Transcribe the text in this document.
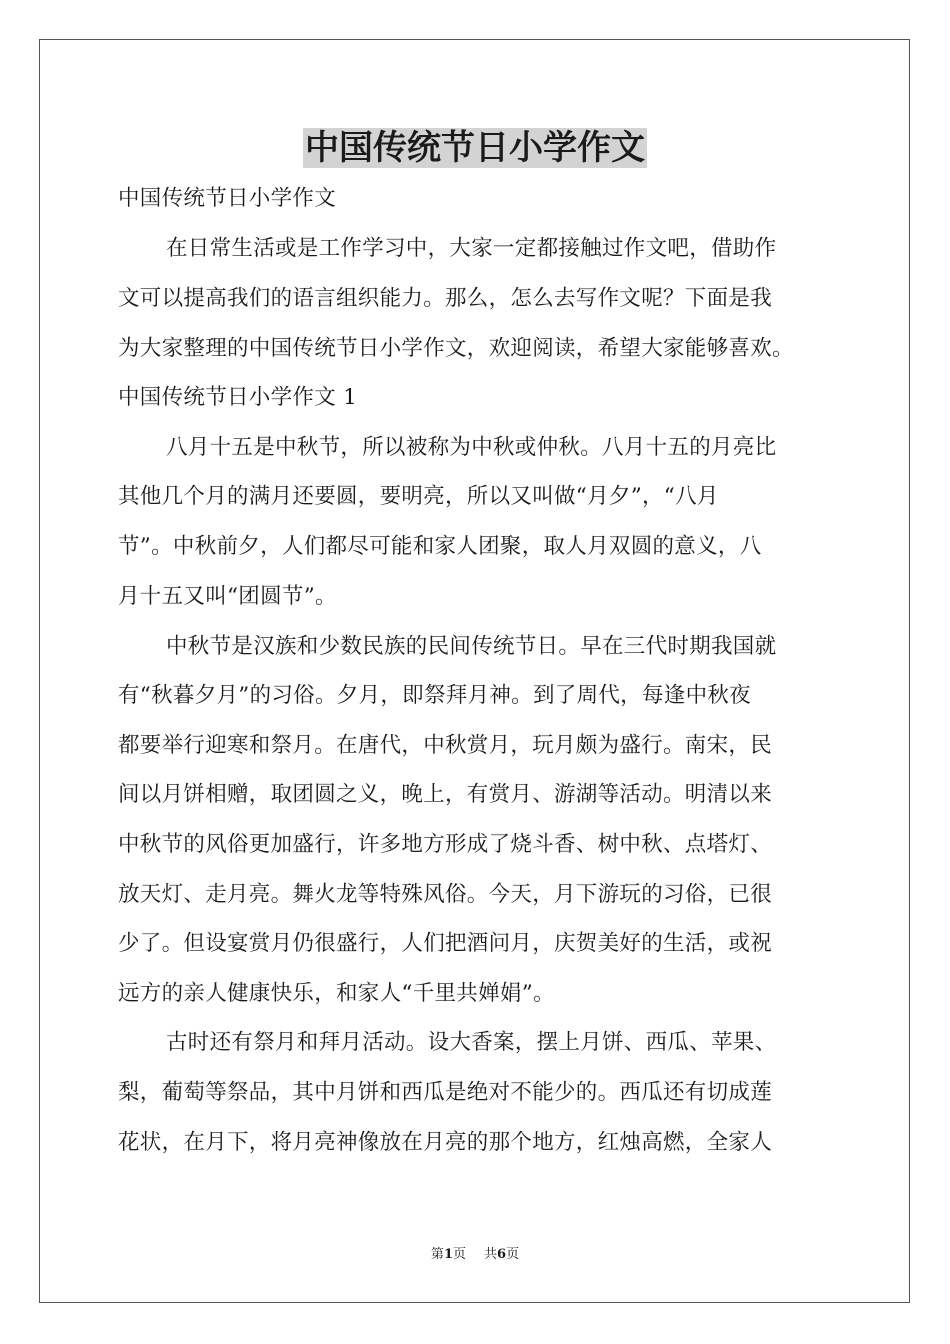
中国传统节日小学作文
中国传统节日小学作文
在日常生活或是工作学习中，大家一定都接触过作文吧，借助作
文可以提高我们的语言组织能力。那么，怎么去写作文呢？下面是我
为大家整理的中国传统节日小学作文，欢迎阅读，希望大家能够喜欢。
中国传统节日小学作文 1
八月十五是中秋节，所以被称为中秋或仲秋。八月十五的月亮比
其他几个月的满月还要圆，要明亮，所以又叫做“月夕”，“八月
节”。中秋前夕，人们都尽可能和家人团聚，取人月双圆的意义，八
月十五又叫“团圆节”。
中秋节是汉族和少数民族的民间传统节日。早在三代时期我国就
有“秋暮夕月”的习俗。夕月，即祭拜月神。到了周代，每逢中秋夜
都要举行迎寒和祭月。在唐代，中秋赏月，玩月颇为盛行。南宋，民
间以月饼相赠，取团圆之义，晚上，有赏月、游湖等活动。明清以来
中秋节的风俗更加盛行，许多地方形成了烧斗香、树中秋、点塔灯、
放天灯、走月亮。舞火龙等特殊风俗。今天，月下游玩的习俗，已很
少了。但设宴赏月仍很盛行，人们把酒问月，庆贺美好的生活，或祝
远方的亲人健康快乐，和家人“千里共婵娟”。
古时还有祭月和拜月活动。设大香案，摆上月饼、西瓜、苹果、
梨，葡萄等祭品，其中月饼和西瓜是绝对不能少的。西瓜还有切成莲
花状，在月下，将月亮神像放在月亮的那个地方，红烛高燃，全家人
第1页 共6页
